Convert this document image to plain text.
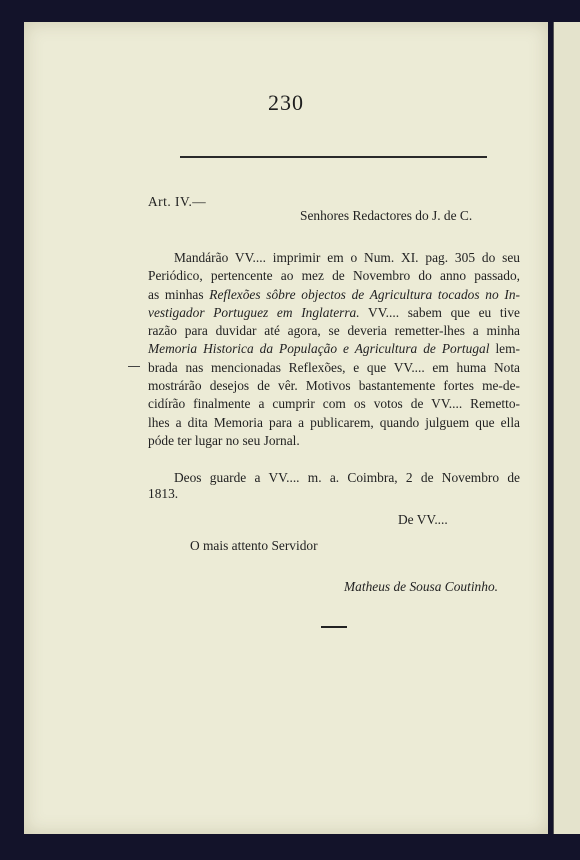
230
Art. IV.—
Senhores Redactores do J. de C.
Mandárão VV.... imprimir em o Num. XI. pag. 305 do seu
Periódico, pertencente ao mez de Novembro do anno passado,
as minhas Reflexões sôbre objectos de Agricultura tocados no In-
vestigador Portuguez em Inglaterra. VV.... sabem que eu tive
razão para duvidar até agora, se deveria remetter-lhes a minha
Memoria Historica da População e Agricultura de Portugal lem-
brada nas mencionadas Reflexões, e que VV.... em huma Nota
mostrárão desejos de vêr. Motivos bastantemente fortes me-de-
cidírão finalmente a cumprir com os votos de VV.... Remetto-
lhes a dita Memoria para a publicarem, quando julguem que ella
póde ter lugar no seu Jornal.
Deos guarde a VV.... m. a. Coimbra, 2 de Novembro de
1813.
De VV....
O mais attento Servidor
Matheus de Sousa Coutinho.
